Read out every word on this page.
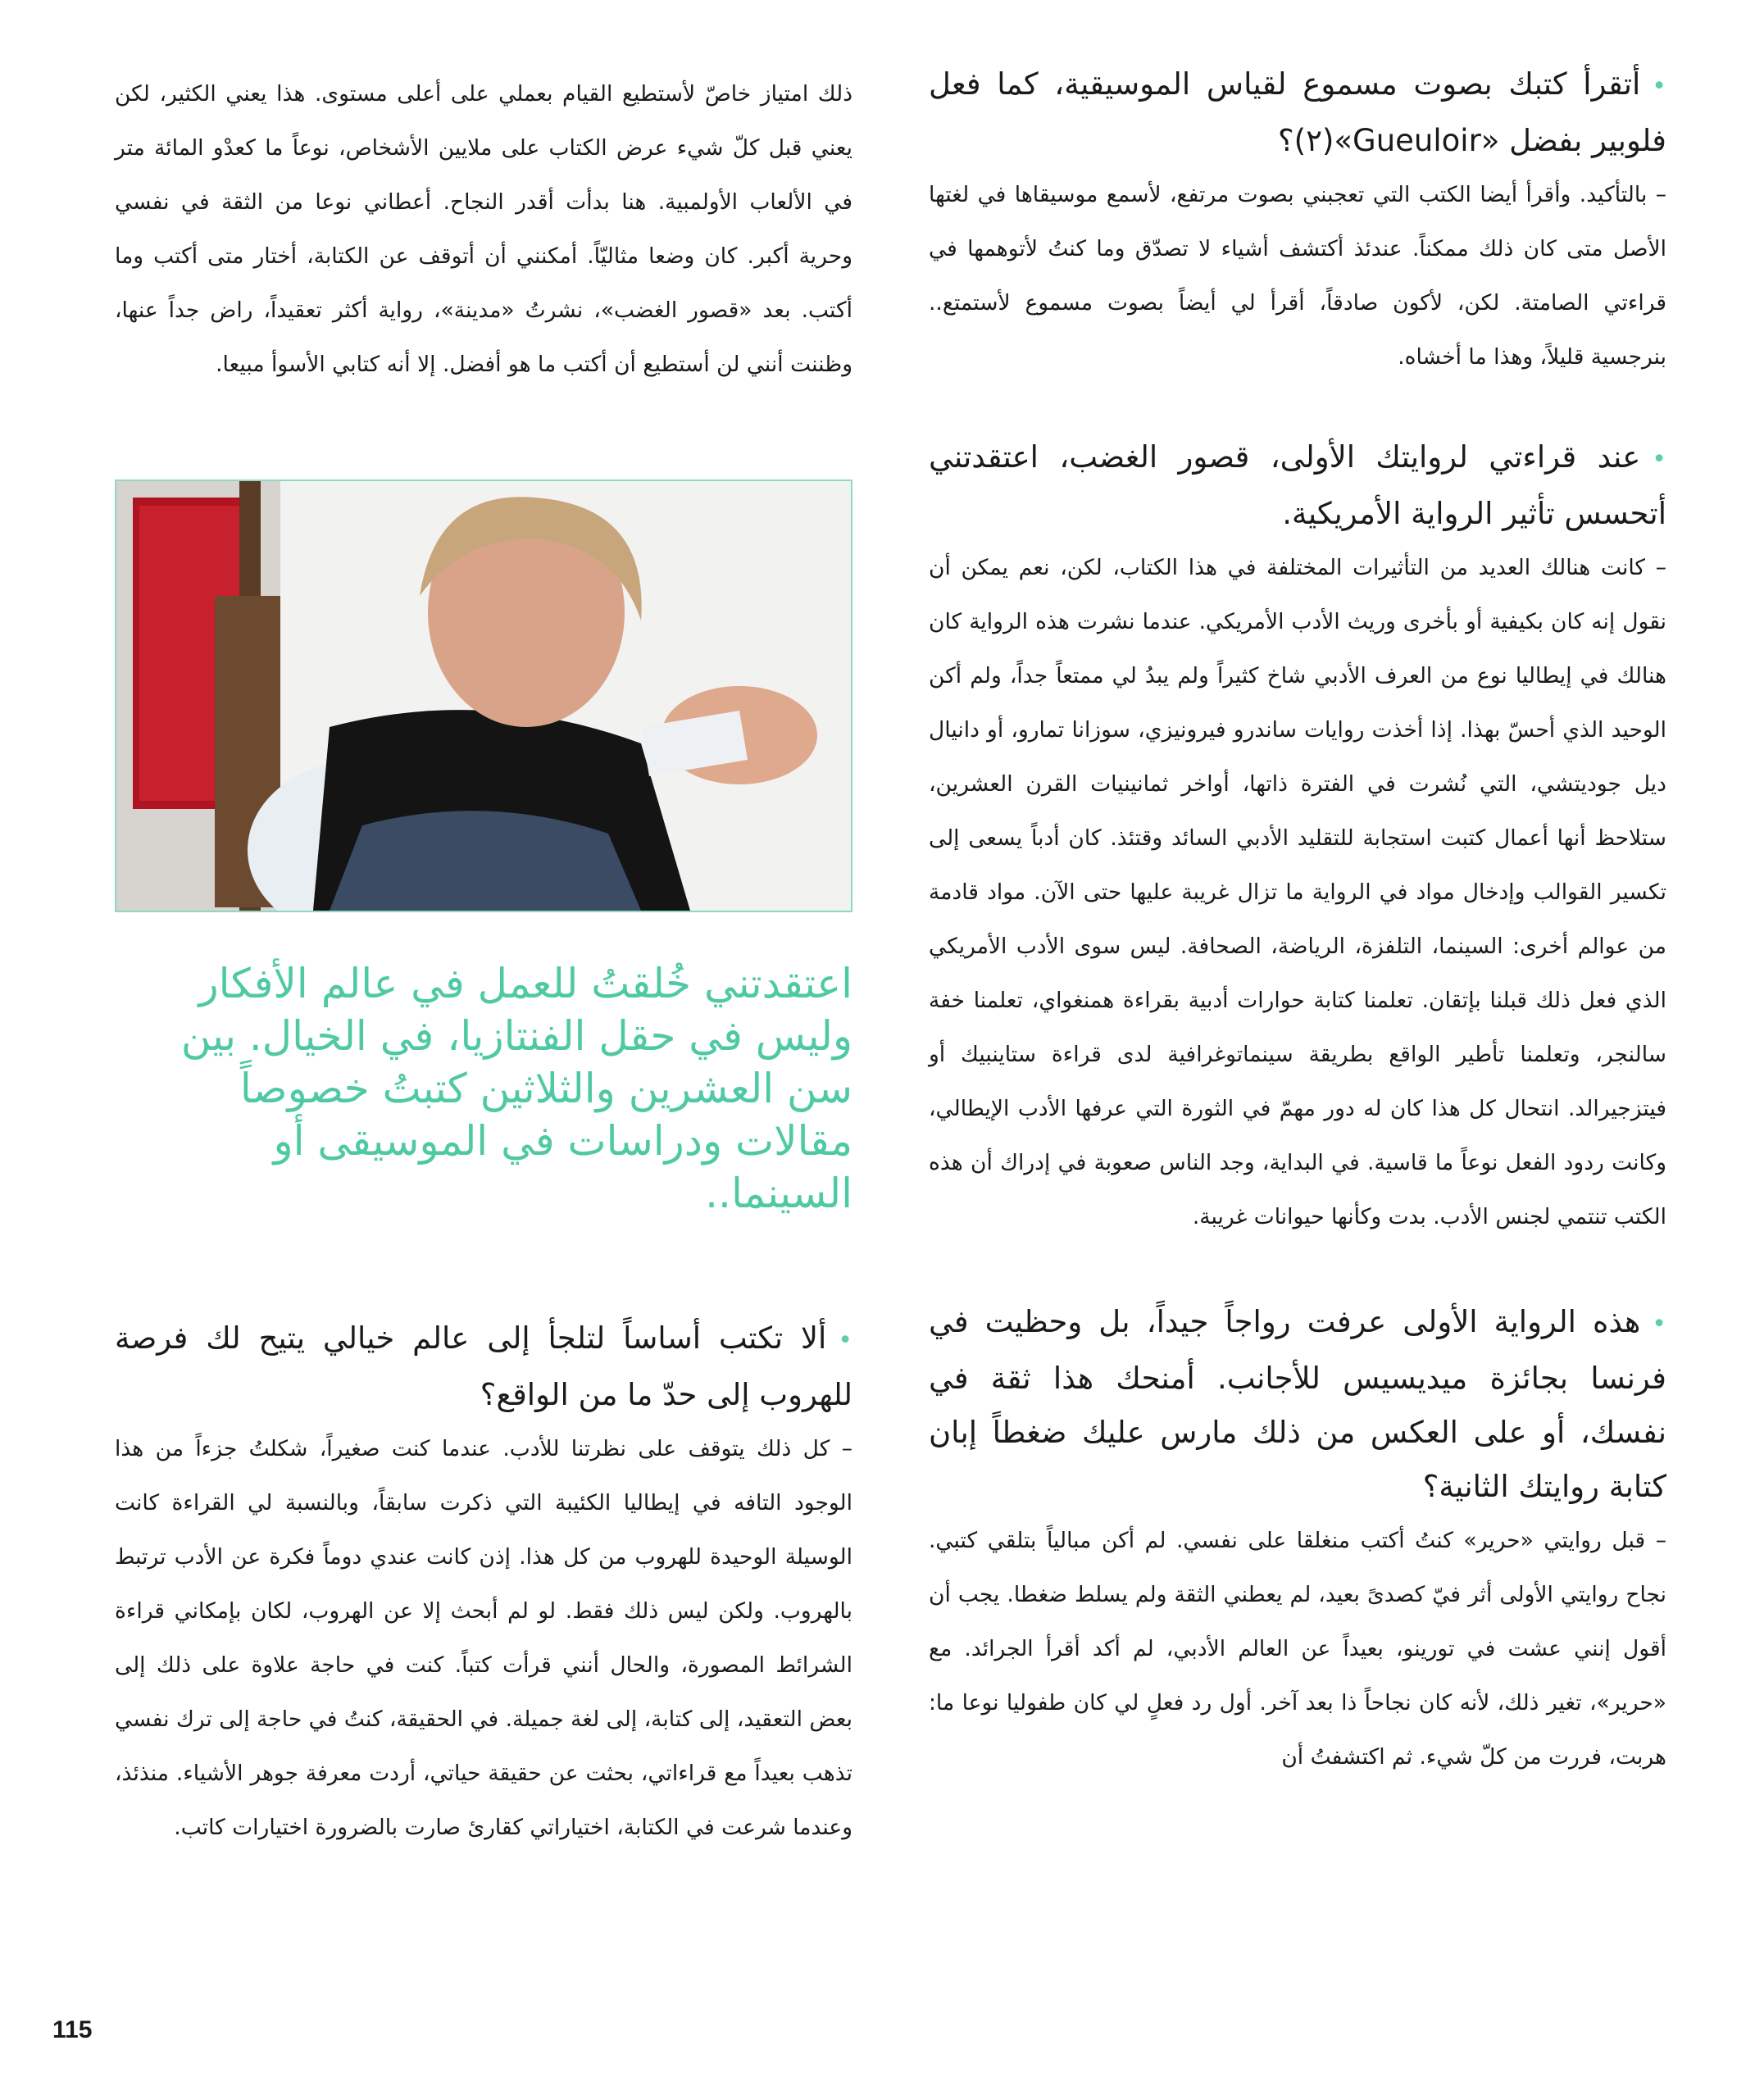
•أتقرأ كتبك بصوت مسموع لقياس الموسيقية، كما فعل فلوبير بفضل «Gueuloir»(٢)؟

– بالتأكيد. وأقرأ أيضا الكتب التي تعجبني بصوت مرتفع، لأسمع موسيقاها في لغتها الأصل متى كان ذلك ممكناً. عندئذ أكتشف أشياء لا تصدّق وما كنتُ لأتوهمها في قراءتي الصامتة. لكن، لأكون صادقاً، أقرأ لي أيضاً بصوت مسموع لأستمتع.. بنرجسية قليلاً، وهذا ما أخشاه.

•عند قراءتي لروايتك الأولى، قصور الغضب، اعتقدتني أتحسس تأثير الرواية الأمريكية.

– كانت هنالك العديد من التأثيرات المختلفة في هذا الكتاب، لكن، نعم يمكن أن نقول إنه كان بكيفية أو بأخرى وريث الأدب الأمريكي. عندما نشرت هذه الرواية كان هنالك في إيطاليا نوع من العرف الأدبي شاخ كثيراً ولم يبدُ لي ممتعاً جداً، ولم أكن الوحيد الذي أحسّ بهذا. إذا أخذت روايات ساندرو فيرونيزي، سوزانا تمارو، أو دانيال ديل جوديتشي، التي نُشرت في الفترة ذاتها، أواخر ثمانينيات القرن العشرين، ستلاحظ أنها أعمال كتبت استجابة للتقليد الأدبي السائد وقتئذ. كان أدباً يسعى إلى تكسير القوالب وإدخال مواد في الرواية ما تزال غريبة عليها حتى الآن. مواد قادمة من عوالم أخرى: السينما، التلفزة، الرياضة، الصحافة. ليس سوى الأدب الأمريكي الذي فعل ذلك قبلنا بإتقان. تعلمنا كتابة حوارات أدبية بقراءة همنغواي، تعلمنا خفة سالنجر، وتعلمنا تأطير الواقع بطريقة سينماتوغرافية لدى قراءة ستاينبيك أو فيتزجيرالد. انتحال كل هذا كان له دور مهمّ في الثورة التي عرفها الأدب الإيطالي، وكانت ردود الفعل نوعاً ما قاسية. في البداية، وجد الناس صعوبة في إدراك أن هذه الكتب تنتمي لجنس الأدب. بدت وكأنها حيوانات غريبة.

•هذه الرواية الأولى عرفت رواجاً جيداً، بل وحظيت في فرنسا بجائزة ميديسيس للأجانب. أمنحك هذا ثقة في نفسك، أو على العكس من ذلك مارس عليك ضغطاً إبان كتابة روايتك الثانية؟

– قبل روايتي «حرير» كنتُ أكتب منغلقا على نفسي. لم أكن مبالياً بتلقي كتبي. نجاح روايتي الأولى أثر فيّ كصدىً بعيد، لم يعطني الثقة ولم يسلط ضغطا. يجب أن أقول إنني عشت في تورينو، بعيداً عن العالم الأدبي، لم أكد أقرأ الجرائد. مع «حرير»، تغير ذلك، لأنه كان نجاحاً ذا بعد آخر. أول رد فعلٍ لي كان طفوليا نوعا ما: هربت، فررت من كلّ شيء. ثم اكتشفتُ أن

ذلك امتياز خاصّ لأستطيع القيام بعملي على أعلى مستوى. هذا يعني الكثير، لكن يعني قبل كلّ شيء عرض الكتاب على ملايين الأشخاص، نوعاً ما كعدْو المائة متر في الألعاب الأولمبية. هنا بدأت أقدر النجاح. أعطاني نوعا من الثقة في نفسي وحرية أكبر. كان وضعا مثاليّاً. أمكنني أن أتوقف عن الكتابة، أختار متى أكتب وما أكتب. بعد «قصور الغضب»، نشرتُ «مدينة»، رواية أكثر تعقيداً، راض جداً عنها، وظننت أنني لن أستطيع أن أكتب ما هو أفضل. إلا أنه كتابي الأسوأ مبيعا.

اعتقدتني خُلقتُ للعمل في عالم الأفكار وليس في حقل الفنتازيا، في الخيال. بين سن العشرين والثلاثين كتبتُ خصوصاً مقالات ودراسات في الموسيقى أو السينما..

•ألا تكتب أساساً لتلجأ إلى عالم خيالي يتيح لك فرصة للهروب إلى حدّ ما من الواقع؟

– كل ذلك يتوقف على نظرتنا للأدب. عندما كنت صغيراً، شكلتُ جزءاً من هذا الوجود التافه في إيطاليا الكئيبة التي ذكرت سابقاً، وبالنسبة لي القراءة كانت الوسيلة الوحيدة للهروب من كل هذا. إذن كانت عندي دوماً فكرة عن الأدب ترتبط بالهروب. ولكن ليس ذلك فقط. لو لم أبحث إلا عن الهروب، لكان بإمكاني قراءة الشرائط المصورة، والحال أنني قرأت كتباً. كنت في حاجة علاوة على ذلك إلى بعض التعقيد، إلى كتابة، إلى لغة جميلة. في الحقيقة، كنتُ في حاجة إلى ترك نفسي تذهب بعيداً مع قراءاتي، بحثت عن حقيقة حياتي، أردت معرفة جوهر الأشياء. منذئذ، وعندما شرعت في الكتابة، اختياراتي كقارئ صارت بالضرورة اختيارات كاتب.

115
